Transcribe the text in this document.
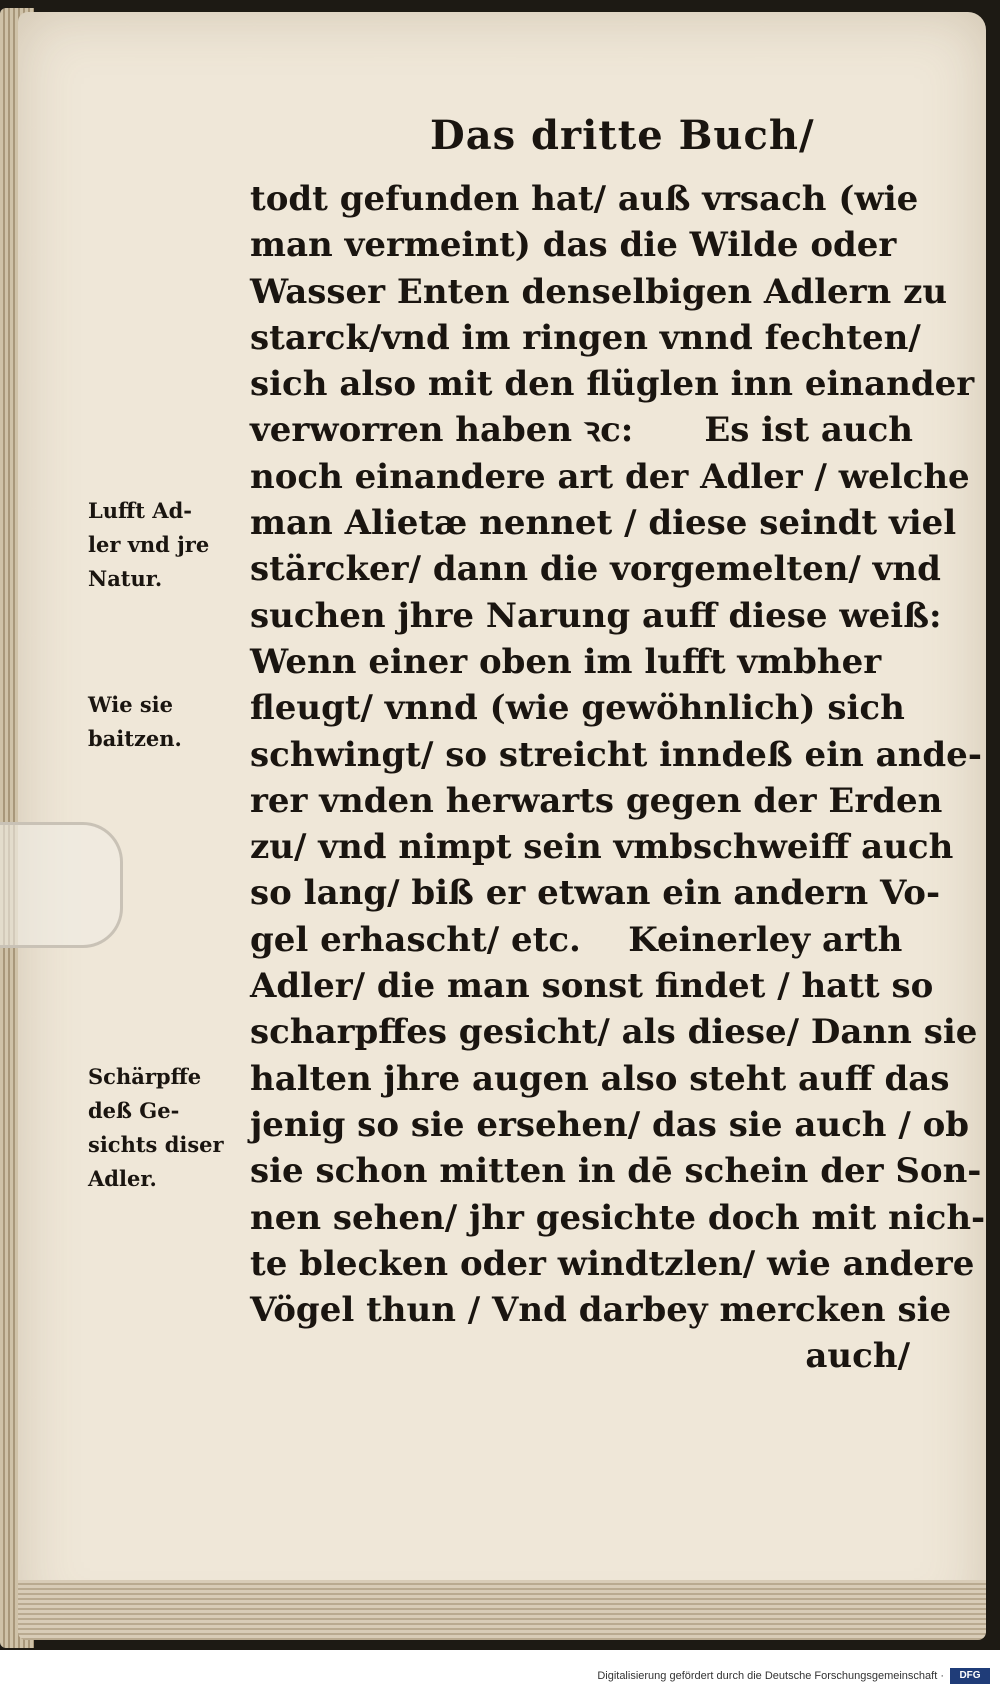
Das dritte Buch/
todt gefunden hat/ auß vrsach (wie
man vermeint) das die Wilde oder
Wasser Enten denselbigen Adlern zu
starck/vnd im ringen vnnd fechten/
sich also mit den flüglen inn einander
verworren haben ꝛc:      Es ist auch
noch einandere art der Adler / welche
man Alietæ nennet / diese seindt viel
stärcker/ dann die vorgemelten/ vnd
suchen jhre Narung auff diese weiß:
Wenn einer oben im lufft vmbher
fleugt/ vnnd (wie gewöhnlich) sich
schwingt/ so streicht inndeß ein ande-
rer vnden herwarts gegen der Erden
zu/ vnd nimpt sein vmbschweiff auch
so lang/ biß er etwan ein andern Vo-
gel erhascht/ etc.    Keinerley arth
Adler/ die man sonst findet / hatt so
scharpffes gesicht/ als diese/ Dann sie
halten jhre augen also steht auff das
jenig so sie ersehen/ das sie auch / ob
sie schon mitten in dē schein der Son-
nen sehen/ jhr gesichte doch mit nich-
te blecken oder windtzlen/ wie andere
Vögel thun / Vnd darbey mercken sie
auch/
Lufft Ad-
ler vnd jre
Natur.
Wie sie
baitzen.
Schärpffe
deß Ge-
sichts diser
Adler.
Digitalisierung gefördert durch die Deutsche Forschungsgemeinschaft ·	DFG
